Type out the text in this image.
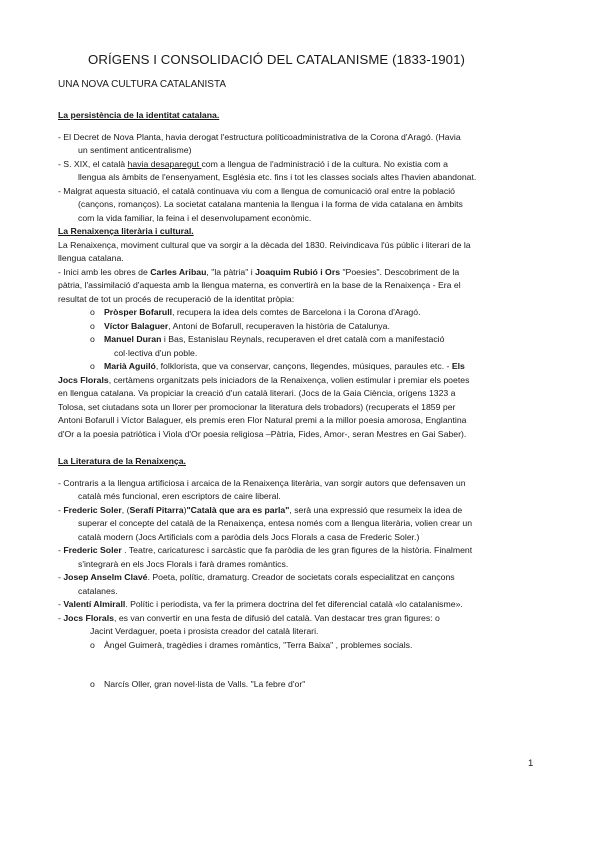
ORÍGENS I CONSOLIDACIÓ DEL CATALANISME (1833-1901)

UNA NOVA CULTURA CATALANISTA

La persistència de la identitat catalana.

- El Decret de Nova Planta, havia derogat l'estructura políticoadministrativa de la Corona d'Aragó. (Havia
un sentiment anticentralisme)

- S. XIX, el català havia desaparegut com a llengua de l'administració i de la cultura. No existia com a
llengua als àmbits de l'ensenyament, Església etc. fins i tot les classes socials altes l'havien abandonat.

- Malgrat aquesta situació, el català continuava viu com a llengua de comunicació oral entre la població
(cançons, romanços). La societat catalana mantenia la llengua i la forma de vida catalana en àmbits
com la vida familiar, la feina i el desenvolupament econòmic.

La Renaixença literària i cultural.

La Renaixença, moviment cultural que va sorgir a la dècada del 1830. Reivindicava l'ús públic i literari de la
llengua catalana.

- Inici amb les obres de Carles Aribau, "la pàtria" i Joaquim Rubió i Ors "Poesies". Descobriment de la
pàtria, l'assimilació d'aquesta amb la llengua materna, es convertirà en la base de la Renaixença - Era el
resultat de tot un procés de recuperació de la identitat pròpia:

o	Pròsper Bofarull, recupera la idea dels comtes de Barcelona i la Corona d'Aragó.
o	Víctor Balaguer, Antoni de Bofarull, recuperaven la història de Catalunya.
o	Manuel Duran i Bas, Estanislau Reynals, recuperaven el dret català com a manifestació
col·lectiva d'un poble.
o	Marià Aguiló, folklorista, que va conservar, cançons, llegendes, músiques, paraules etc. - Els

Jocs Florals, certàmens organitzats pels iniciadors de la Renaixença, volien estimular i premiar els poetes
en llengua catalana. Va propiciar la creació d'un català literari. (Jocs de la Gaia Ciència, orígens 1323 a
Tolosa, set ciutadans sota un llorer per promocionar la literatura dels trobadors) (recuperats el 1859 per
Antoni Bofarull i Víctor Balaguer, els premis eren Flor Natural premi a la millor poesia amorosa, Englantina
d'Or a la poesia patriòtica i Viola d'Or poesia religiosa –Pàtria, Fides, Amor-, seran Mestres en Gai Saber).

La Literatura de la Renaixença.

- Contraris a la llengua artificiosa i arcaica de la Renaixença literària, van sorgir autors que defensaven un
català més funcional, eren escriptors de caire liberal.

- Frederic Soler, (Serafí Pitarra)"Català que ara es parla", serà una expressió que resumeix la idea de
superar el concepte del català de la Renaixença, entesa només com a llengua literària, volien crear un
català modern (Jocs Artificials com a paròdia dels Jocs Florals a casa de Frederic Soler.)

- Frederic Soler . Teatre, caricaturesc i sarcàstic que fa paròdia de les gran figures de la història. Finalment
s'integrarà en els Jocs Florals i farà drames romàntics.

- Josep Anselm Clavé. Poeta, polític, dramaturg. Creador de societats corals especialitzat en cançons
catalanes.

- Valentí Almirall. Polític i periodista, va fer la primera doctrina del fet diferencial català «lo catalanisme».

- Jocs Florals, es van convertir en una festa de difusió del català. Van destacar tres gran figures: o

Jacint Verdaguer, poeta i prosista creador del català literari.

o	Àngel Guimerà, tragèdies i drames romàntics, "Terra Baixa" , problemes socials.
o	Narcís Oller, gran novel·lista de Valls. "La febre d'or"
1
